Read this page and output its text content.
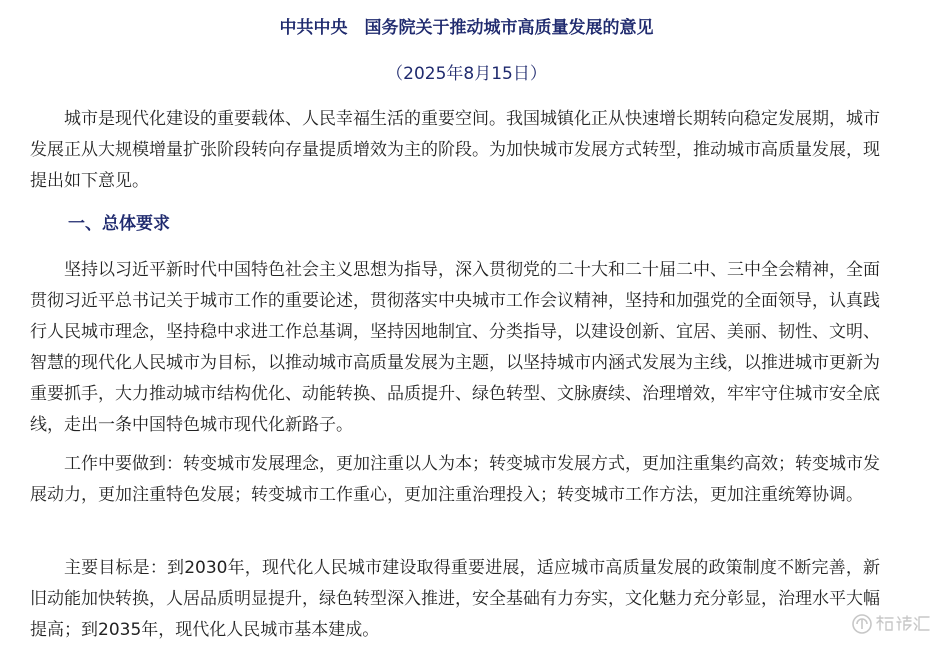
中共中央　国务院关于推动城市高质量发展的意见
（2025年8月15日）

城市是现代化建设的重要载体、人民幸福生活的重要空间。我国城镇化正从快速增长期转向稳定发展期，城市发展正从大规模增量扩张阶段转向存量提质增效为主的阶段。为加快城市发展方式转型，推动城市高质量发展，现提出如下意见。

一、总体要求

坚持以习近平新时代中国特色社会主义思想为指导，深入贯彻党的二十大和二十届二中、三中全会精神，全面贯彻习近平总书记关于城市工作的重要论述，贯彻落实中央城市工作会议精神，坚持和加强党的全面领导，认真践行人民城市理念，坚持稳中求进工作总基调，坚持因地制宜、分类指导，以建设创新、宜居、美丽、韧性、文明、智慧的现代化人民城市为目标，以推动城市高质量发展为主题，以坚持城市内涵式发展为主线，以推进城市更新为重要抓手，大力推动城市结构优化、动能转换、品质提升、绿色转型、文脉赓续、治理增效，牢牢守住城市安全底线，走出一条中国特色城市现代化新路子。

工作中要做到：转变城市发展理念，更加注重以人为本；转变城市发展方式，更加注重集约高效；转变城市发展动力，更加注重特色发展；转变城市工作重心，更加注重治理投入；转变城市工作方法，更加注重统筹协调。

主要目标是：到2030年，现代化人民城市建设取得重要进展，适应城市高质量发展的政策制度不断完善，新旧动能加快转换，人居品质明显提升，绿色转型深入推进，安全基础有力夯实，文化魅力充分彰显，治理水平大幅提高；到2035年，现代化人民城市基本建成。
